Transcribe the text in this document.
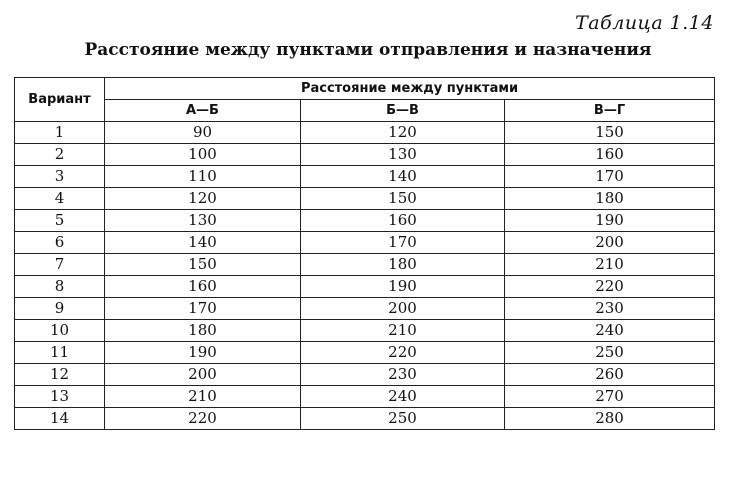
Таблица 1.14
Расстояние между пунктами отправления и назначения
Вариант	Расстояние между пунктами		
	А—Б	Б—В	В—Г
1	90	120	150
2	100	130	160
3	110	140	170
4	120	150	180
5	130	160	190
6	140	170	200
7	150	180	210
8	160	190	220
9	170	200	230
10	180	210	240
11	190	220	250
12	200	230	260
13	210	240	270
14	220	250	280
